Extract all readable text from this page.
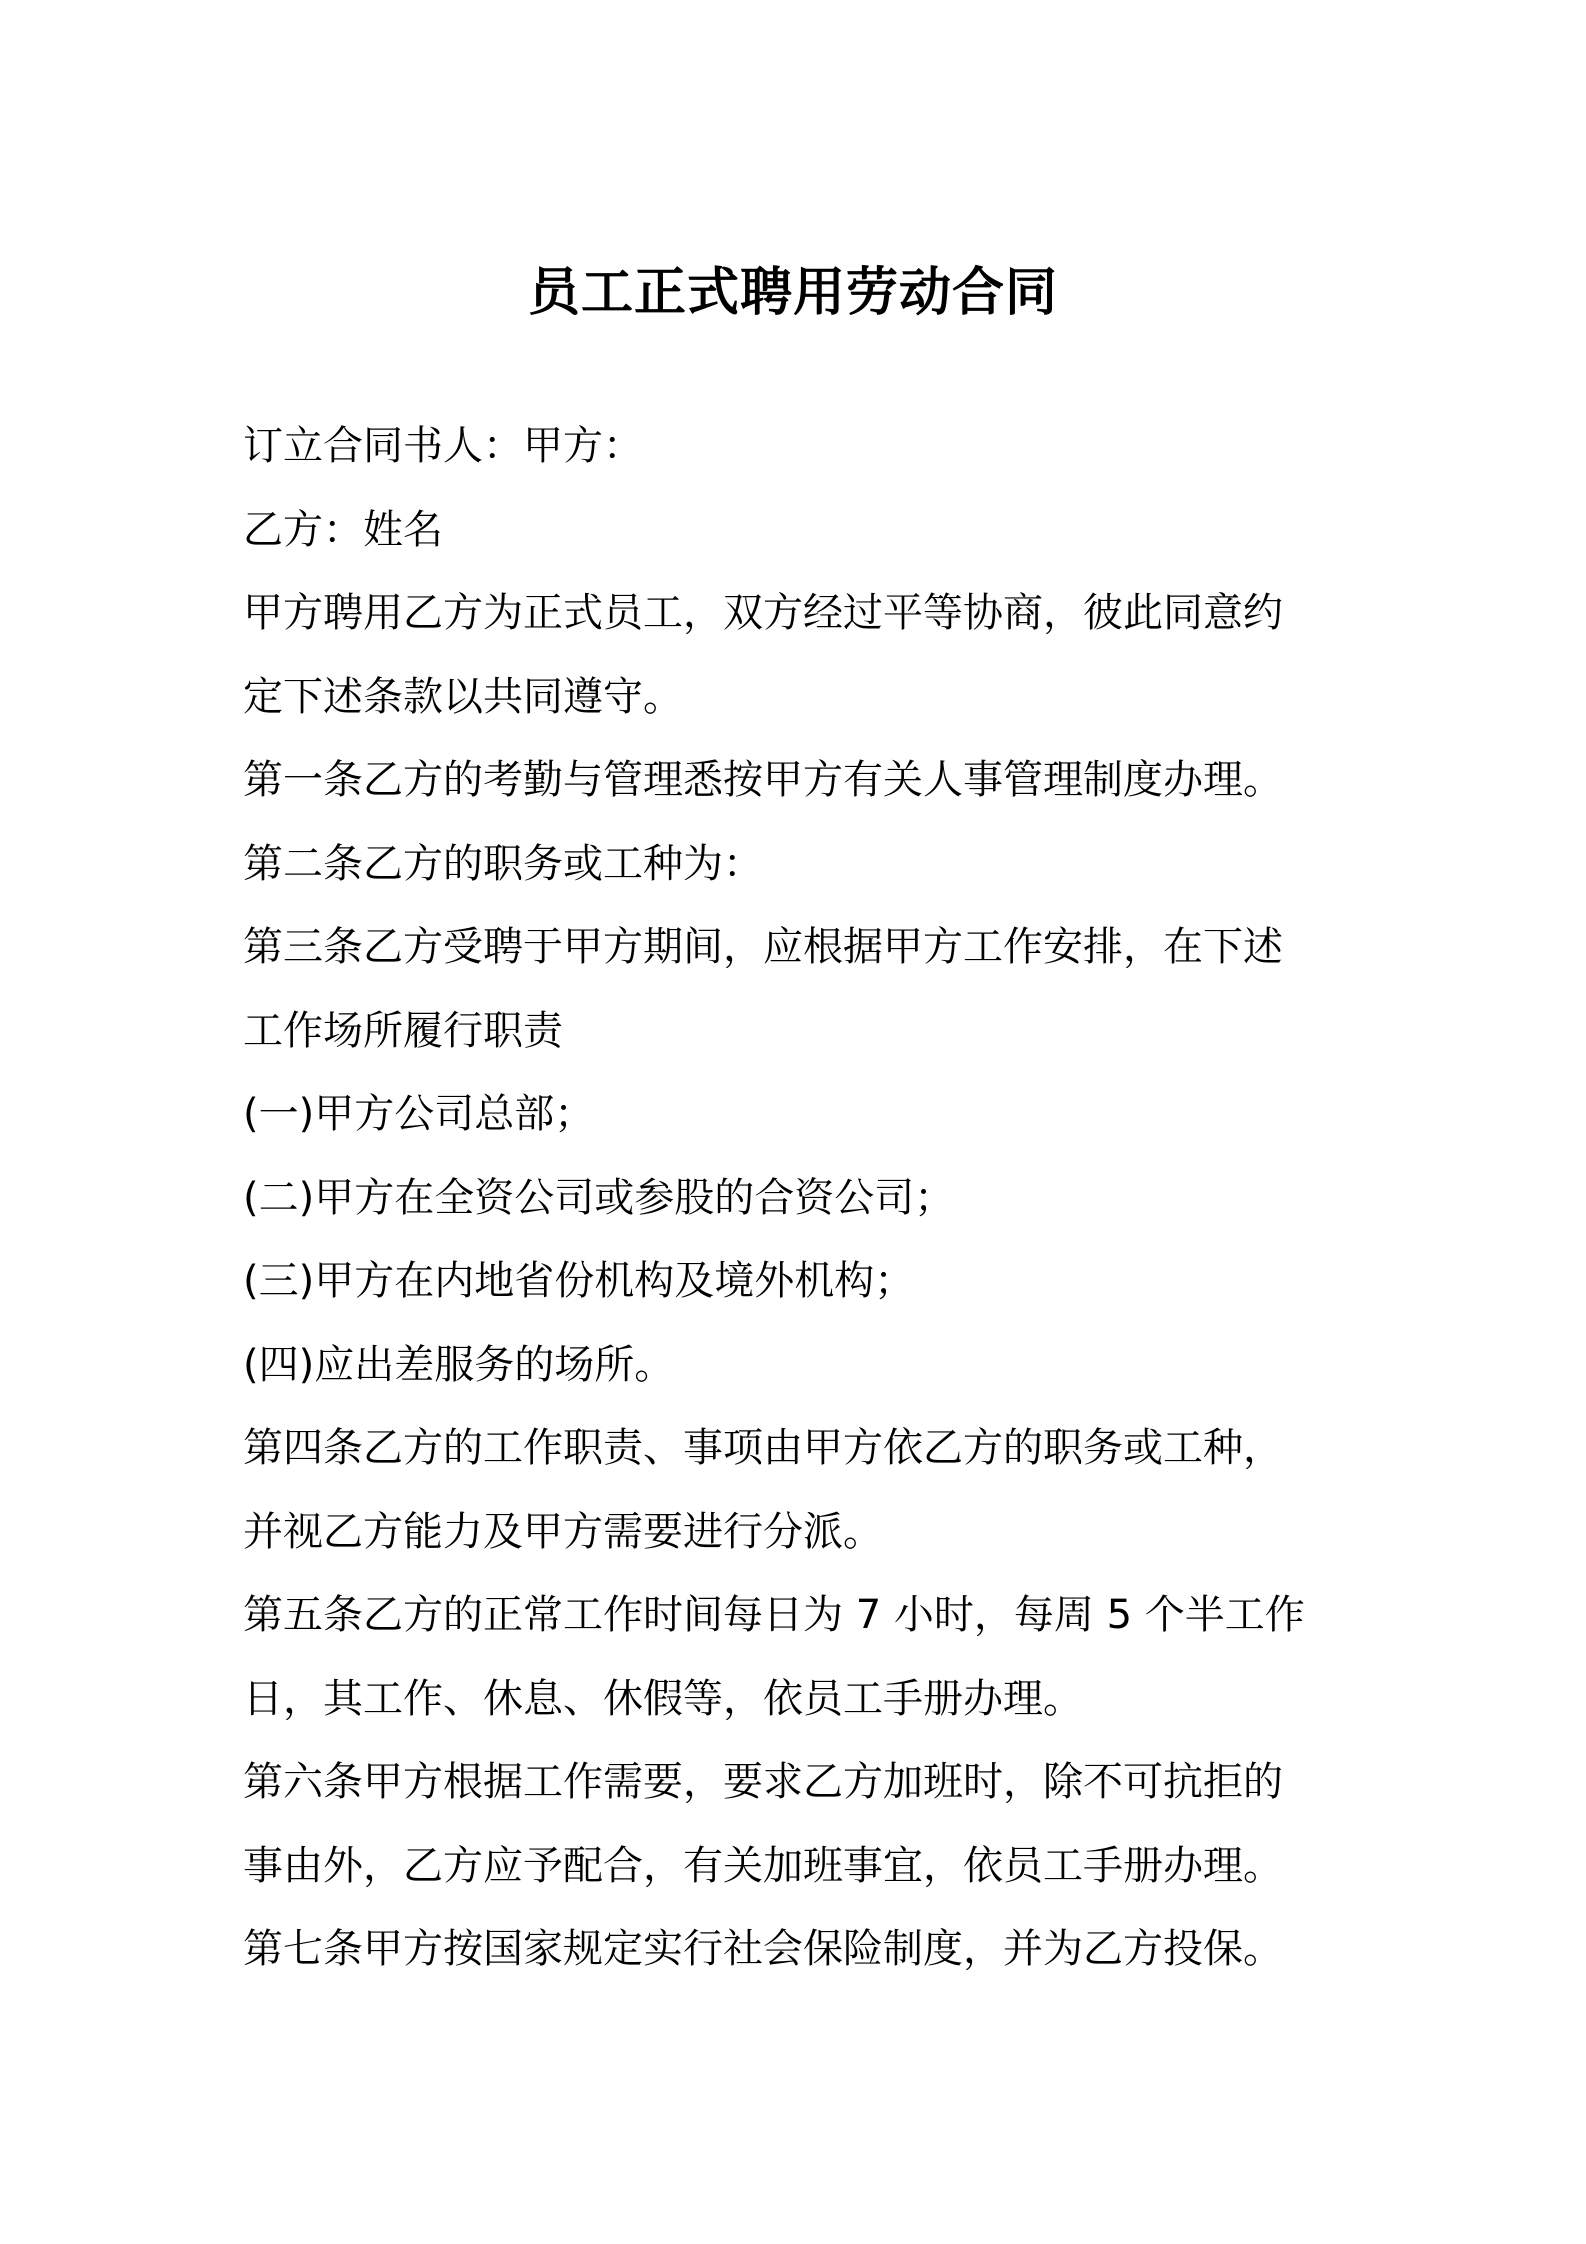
员工正式聘用劳动合同
订立合同书人：甲方：
乙方：姓名
甲方聘用乙方为正式员工，双方经过平等协商，彼此同意约
定下述条款以共同遵守。
第一条乙方的考勤与管理悉按甲方有关人事管理制度办理。
第二条乙方的职务或工种为：
第三条乙方受聘于甲方期间，应根据甲方工作安排，在下述
工作场所履行职责
(一)甲方公司总部；
(二)甲方在全资公司或参股的合资公司；
(三)甲方在内地省份机构及境外机构；
(四)应出差服务的场所。
第四条乙方的工作职责、事项由甲方依乙方的职务或工种，
并视乙方能力及甲方需要进行分派。
第五条乙方的正常工作时间每日为 7 小时，每周 5 个半工作
日，其工作、休息、休假等，依员工手册办理。
第六条甲方根据工作需要，要求乙方加班时，除不可抗拒的
事由外，乙方应予配合，有关加班事宜，依员工手册办理。
第七条甲方按国家规定实行社会保险制度，并为乙方投保。
